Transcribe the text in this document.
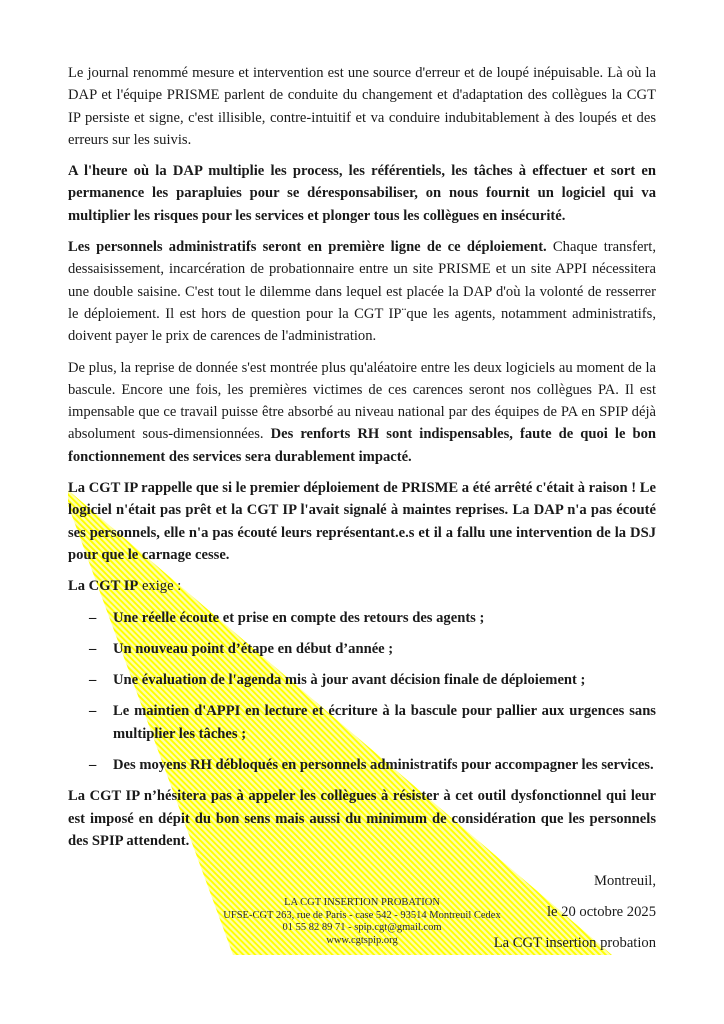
Le journal renommé mesure et intervention est une source d'erreur et de loupé inépuisable. Là où la DAP et l'équipe PRISME parlent de conduite du changement et d'adaptation des collègues la CGT IP persiste et signe, c'est illisible, contre-intuitif et va conduire indubitablement à des loupés et des erreurs sur les suivis.

A l'heure où la DAP multiplie les process, les référentiels, les tâches à effectuer et sort en permanence les parapluies pour se déresponsabiliser, on nous fournit un logiciel qui va multiplier les risques pour les services et plonger tous les collègues en insécurité.

Les personnels administratifs seront en première ligne de ce déploiement. Chaque transfert, dessaisissement, incarcération de probationnaire entre un site PRISME et un site APPI nécessitera une double saisine. C'est tout le dilemme dans lequel est placée la DAP d'où la volonté de resserrer le déploiement. Il est hors de question pour la CGT IP¨que les agents, notamment administratifs, doivent payer le prix de carences de l'administration.

De plus, la reprise de donnée s'est montrée plus qu'aléatoire entre les deux logiciels au moment de la bascule. Encore une fois, les premières victimes de ces carences seront nos collègues PA. Il est impensable que ce travail puisse être absorbé au niveau national par des équipes de PA en SPIP déjà absolument sous-dimensionnées. Des renforts RH sont indispensables, faute de quoi le bon fonctionnement des services sera durablement impacté.

La CGT IP rappelle que si le premier déploiement de PRISME a été arrêté c'était à raison ! Le logiciel n'était pas prêt et la CGT IP l'avait signalé à maintes reprises. La DAP n'a pas écouté ses personnels, elle n'a pas écouté leurs représentant.e.s et il a fallu une intervention de la DSJ pour que le carnage cesse.

La CGT IP exige :

– Une réelle écoute et prise en compte des retours des agents ;
– Un nouveau point d’étape en début d’année ;
– Une évaluation de l'agenda mis à jour avant décision finale de déploiement ;
– Le maintien d'APPI en lecture et écriture à la bascule pour pallier aux urgences sans multiplier les tâches ;
– Des moyens RH débloqués en personnels administratifs pour accompagner les services.

La CGT IP n’hésitera pas à appeler les collègues à résister à cet outil dysfonctionnel qui leur est imposé en dépit du bon sens mais aussi du minimum de considération que les personnels des SPIP attendent.

Montreuil,
le 20 octobre 2025
La CGT insertion probation
LA CGT INSERTION PROBATION
UFSE-CGT 263, rue de Paris - case 542 - 93514 Montreuil Cedex
01 55 82 89 71 - spip.cgt@gmail.com
www.cgtspip.org
